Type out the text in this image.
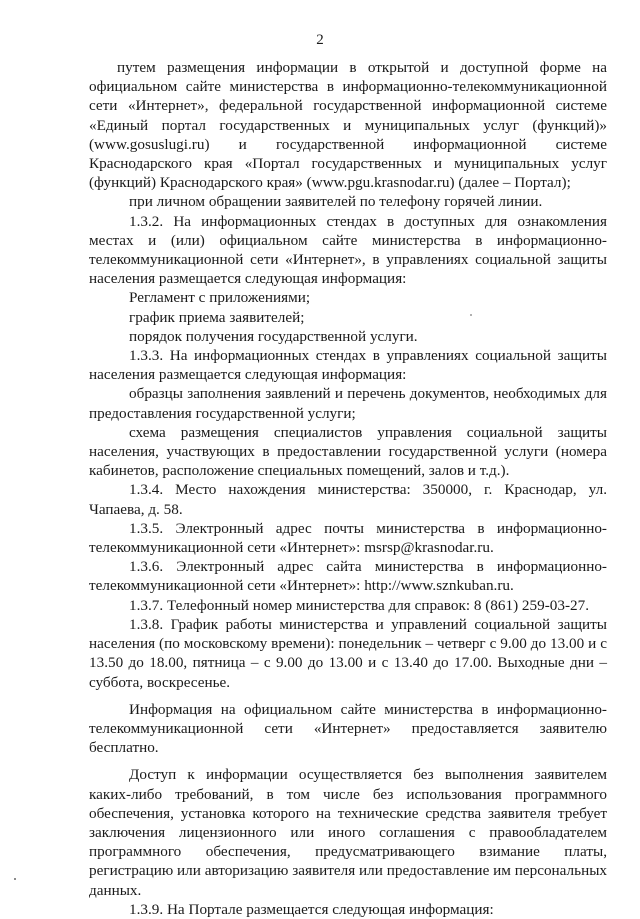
2

путем размещения информации в открытой и доступной форме на официальном сайте министерства в информационно-телекоммуникационной сети «Интернет», федеральной государственной информационной системе «Единый портал государственных и муниципальных услуг (функций)» (www.gosuslugi.ru) и государственной информационной системе Краснодарского края «Портал государственных и муниципальных услуг (функций) Краснодарского края» (www.pgu.krasnodar.ru) (далее – Портал);

при личном обращении заявителей по телефону горячей линии.

1.3.2. На информационных стендах в доступных для ознакомления местах и (или) официальном сайте министерства в информационно-телекоммуникационной сети «Интернет», в управлениях социальной защиты населения размещается следующая информация:

Регламент с приложениями;

график приема заявителей;

порядок получения государственной услуги.

1.3.3. На информационных стендах в управлениях социальной защиты населения размещается следующая информация:

образцы заполнения заявлений и перечень документов, необходимых для предоставления государственной услуги;

схема размещения специалистов управления социальной защиты населения, участвующих в предоставлении государственной услуги (номера кабинетов, расположение специальных помещений, залов и т.д.).

1.3.4. Место нахождения министерства: 350000, г. Краснодар, ул. Чапаева, д. 58.

1.3.5. Электронный адрес почты министерства в информационно-телекоммуникационной сети «Интернет»: msrsp@krasnodar.ru.

1.3.6. Электронный адрес сайта министерства в информационно-телекоммуникационной сети «Интернет»: http://www.sznkuban.ru.

1.3.7. Телефонный номер министерства для справок: 8 (861) 259-03-27.

1.3.8. График работы министерства и управлений социальной защиты населения (по московскому времени): понедельник – четверг с 9.00 до 13.00 и с 13.50 до 18.00, пятница – с 9.00 до 13.00 и с 13.40 до 17.00. Выходные дни – суббота, воскресенье.

Информация на официальном сайте министерства в информационно-телекоммуникационной сети «Интернет» предоставляется заявителю бесплатно.

Доступ к информации осуществляется без выполнения заявителем каких-либо требований, в том числе без использования программного обеспечения, установка которого на технические средства заявителя требует заключения лицензионного или иного соглашения с правообладателем программного обеспечения, предусматривающего взимание платы, регистрацию или авторизацию заявителя или предоставление им персональных данных.

1.3.9. На Портале размещается следующая информация:
